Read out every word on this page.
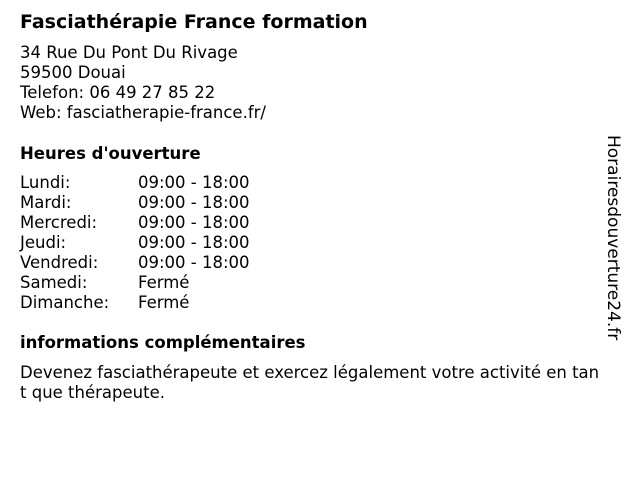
Fasciathérapie France formation
34 Rue Du Pont Du Rivage
59500 Douai
Telefon: 06 49 27 85 22
Web: fasciatherapie-france.fr/
Heures d'ouverture
Lundi:	09:00 - 18:00
Mardi:	09:00 - 18:00
Mercredi:	09:00 - 18:00
Jeudi:	09:00 - 18:00
Vendredi:	09:00 - 18:00
Samedi:	Fermé
Dimanche:	Fermé
informations complémentaires
Devenez fasciathérapeute et exercez légalement votre activité en tant que thérapeute.
Horairesdouverture24.fr
